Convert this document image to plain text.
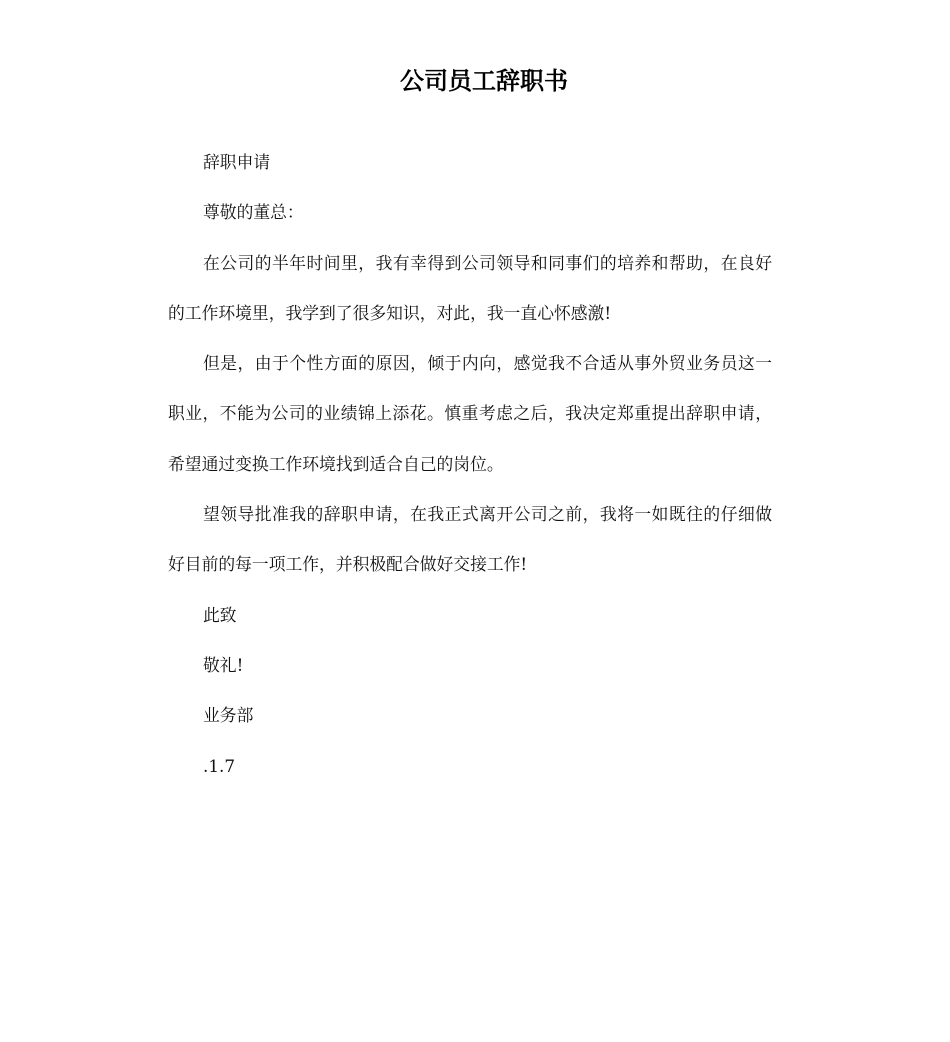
公司员工辞职书

辞职申请

尊敬的董总：

在公司的半年时间里，我有幸得到公司领导和同事们的培养和帮助，在良好的工作环境里，我学到了很多知识，对此，我一直心怀感激!

但是，由于个性方面的原因，倾于内向，感觉我不合适从事外贸业务员这一职业，不能为公司的业绩锦上添花。慎重考虑之后，我决定郑重提出辞职申请，希望通过变换工作环境找到适合自己的岗位。

望领导批准我的辞职申请，在我正式离开公司之前，我将一如既往的仔细做好目前的每一项工作，并积极配合做好交接工作!

此致

敬礼!

业务部

.1.7
